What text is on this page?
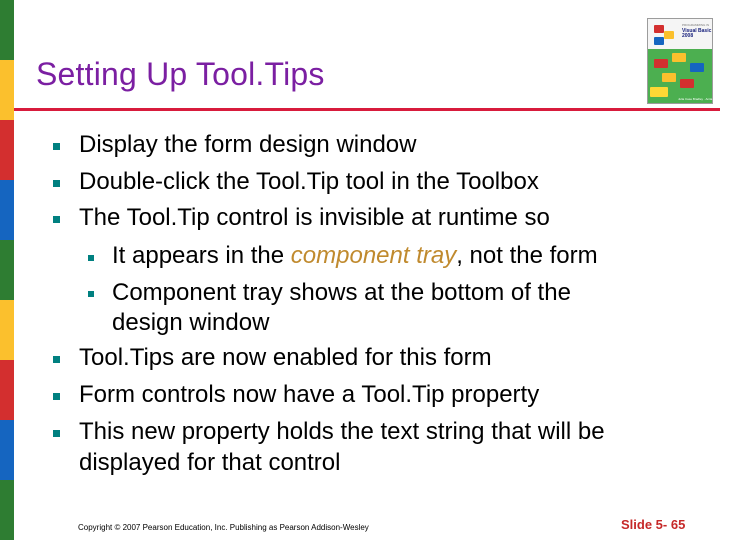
Setting Up Tool.Tips
PROGRAMMING IN
Visual Basic 2008
Julia Case Bradley · Anita C. Millspaugh
Display the form design window
Double-click the Tool.Tip tool in the Toolbox
The Tool.Tip control is invisible at runtime so
It appears in the component tray, not the form
Component tray shows at the bottom of the
design window
Tool.Tips are now enabled for this form
Form controls now have a Tool.Tip property
This new property holds the text string that will be
displayed for that control
Copyright © 2007 Pearson Education, Inc. Publishing as Pearson Addison-Wesley	Slide 5- 65
